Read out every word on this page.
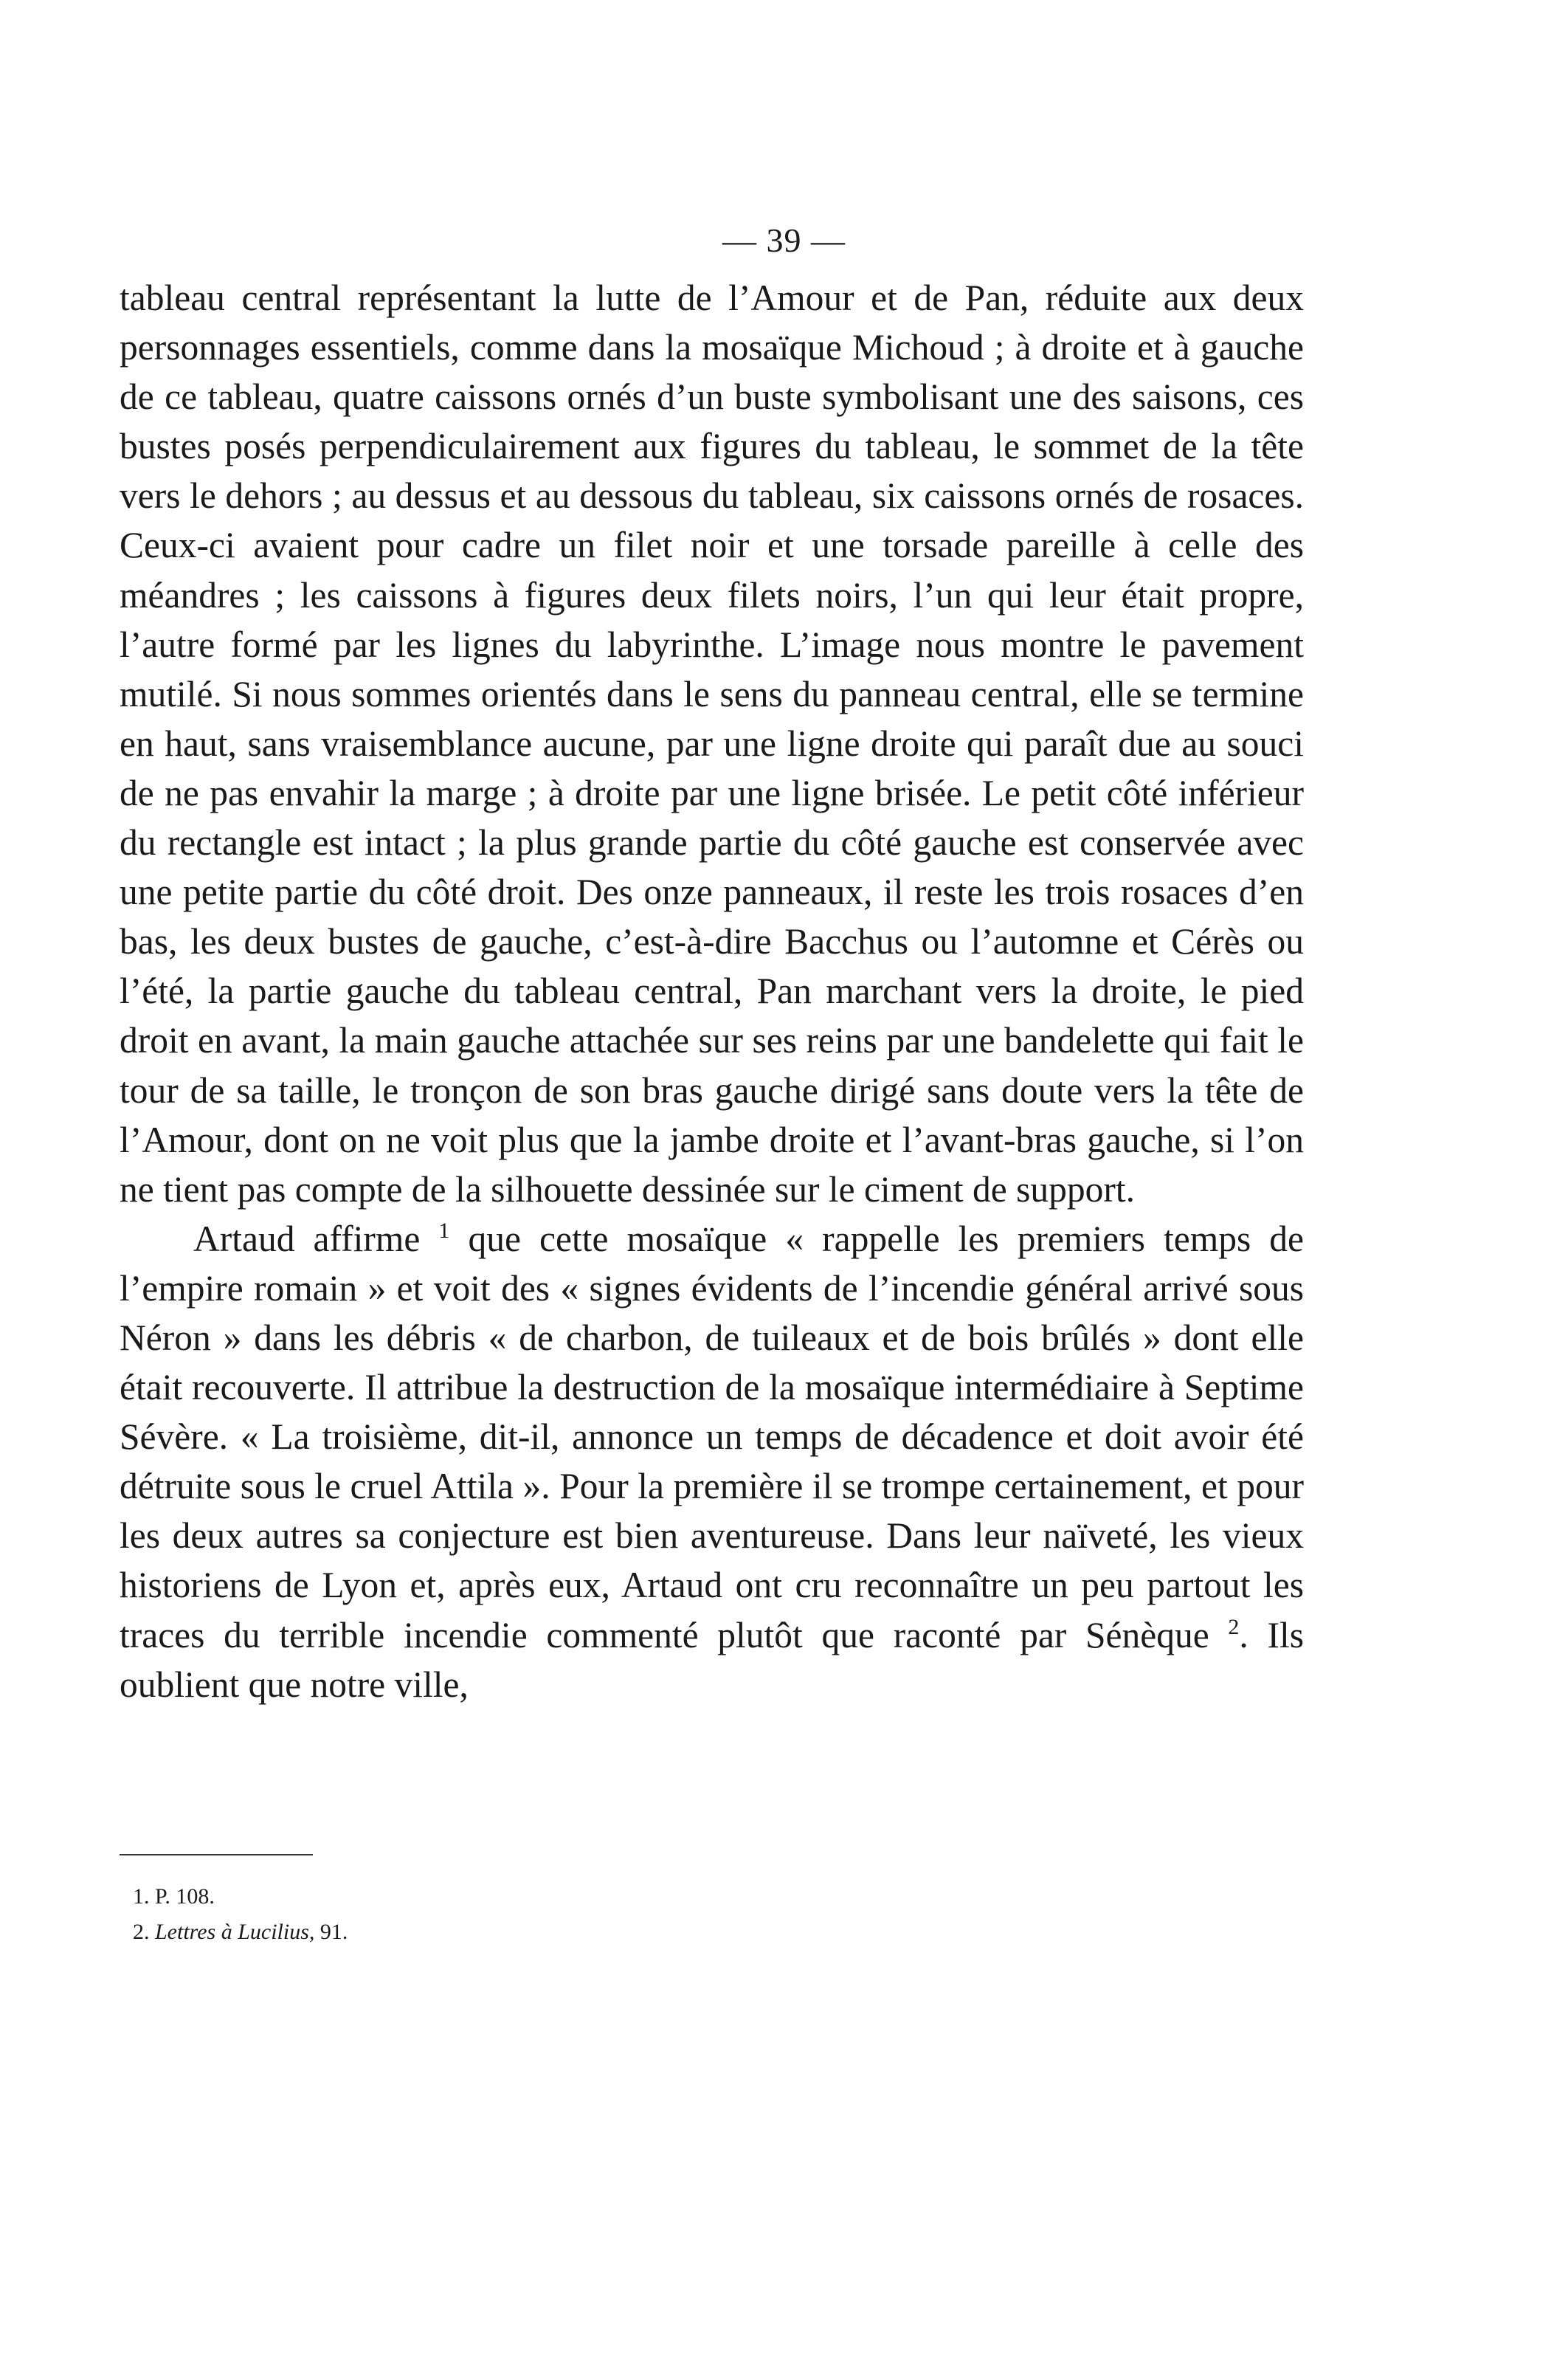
— 39 —

tableau central représentant la lutte de l’Amour et de Pan, réduite aux deux personnages essentiels, comme dans la mosaïque Michoud ; à droite et à gauche de ce tableau, quatre caissons ornés d’un buste symbolisant une des saisons, ces bustes posés perpendiculairement aux figures du tableau, le sommet de la tête vers le dehors ; au dessus et au dessous du tableau, six caissons ornés de rosaces. Ceux-ci avaient pour cadre un filet noir et une torsade pareille à celle des méandres ; les caissons à figures deux filets noirs, l’un qui leur était propre, l’autre formé par les lignes du labyrinthe. L’image nous montre le pavement mutilé. Si nous sommes orientés dans le sens du panneau central, elle se termine en haut, sans vraisemblance aucune, par une ligne droite qui paraît due au souci de ne pas envahir la marge ; à droite par une ligne brisée. Le petit côté inférieur du rectangle est intact ; la plus grande partie du côté gauche est conservée avec une petite partie du côté droit. Des onze panneaux, il reste les trois rosaces d’en bas, les deux bustes de gauche, c’est-à-dire Bacchus ou l’automne et Cérès ou l’été, la partie gauche du tableau central, Pan marchant vers la droite, le pied droit en avant, la main gauche attachée sur ses reins par une bandelette qui fait le tour de sa taille, le tronçon de son bras gauche dirigé sans doute vers la tête de l’Amour, dont on ne voit plus que la jambe droite et l’avant-bras gauche, si l’on ne tient pas compte de la silhouette dessinée sur le ciment de support.

Artaud affirme $^1$ que cette mosaïque « rappelle les premiers temps de l’empire romain » et voit des « signes évidents de l’incendie général arrivé sous Néron » dans les débris « de charbon, de tuileaux et de bois brûlés » dont elle était recouverte. Il attribue la destruction de la mosaïque intermédiaire à Septime Sévère. « La troisième, dit-il, annonce un temps de décadence et doit avoir été détruite sous le cruel Attila ». Pour la première il se trompe certainement, et pour les deux autres sa conjecture est bien aventureuse. Dans leur naïveté, les vieux historiens de Lyon et, après eux, Artaud ont cru reconnaître un peu partout les traces du terrible incendie commenté plutôt que raconté par Sénèque $^2$. Ils oublient que notre ville,

1. P. 108.

2. Lettres à Lucilius, 91.
